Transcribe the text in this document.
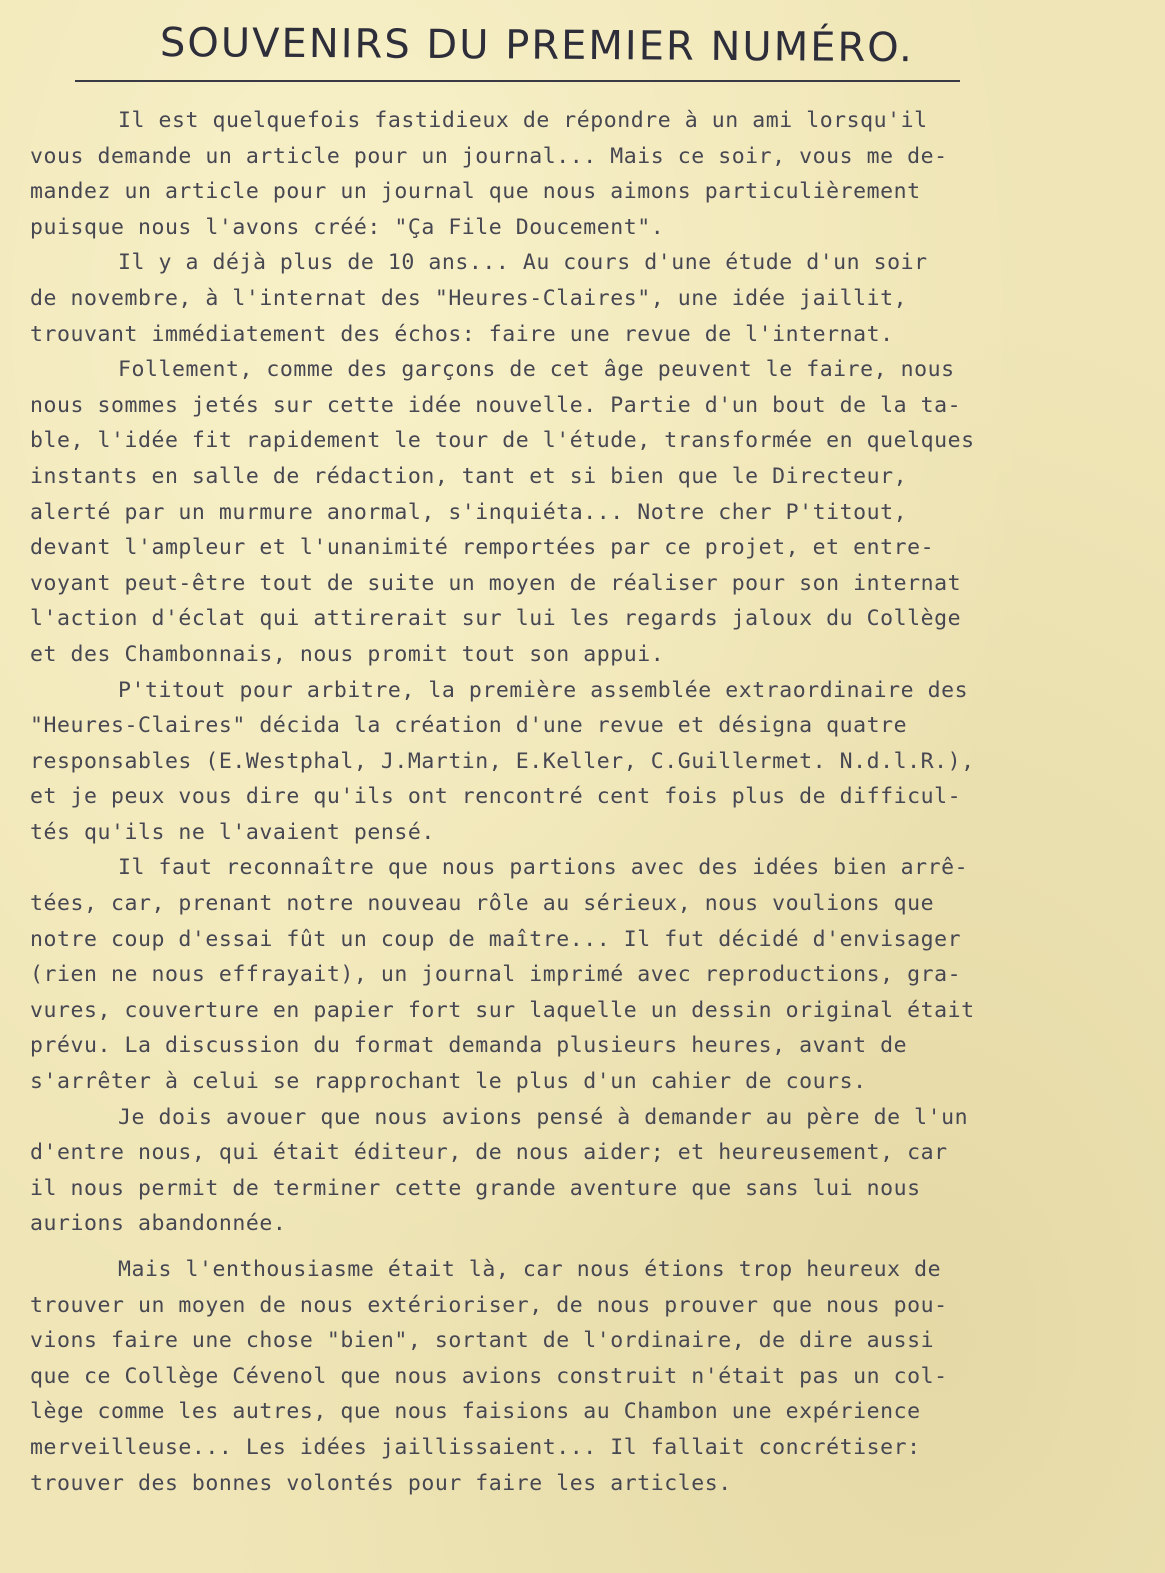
SOUVENIRS DU PREMIER NUMÉRO.
Il est quelquefois fastidieux de répondre à un ami lorsqu'il
vous demande un article pour un journal... Mais ce soir, vous me de-
mandez un article pour un journal que nous aimons particulièrement
puisque nous l'avons créé: "Ça File Doucement".
Il y a déjà plus de 10 ans... Au cours d'une étude d'un soir
de novembre, à l'internat des "Heures-Claires", une idée jaillit,
trouvant immédiatement des échos: faire une revue de l'internat.
Follement, comme des garçons de cet âge peuvent le faire, nous
nous sommes jetés sur cette idée nouvelle. Partie d'un bout de la ta-
ble, l'idée fit rapidement le tour de l'étude, transformée en quelques
instants en salle de rédaction, tant et si bien que le Directeur,
alerté par un murmure anormal, s'inquiéta... Notre cher P'titout,
devant l'ampleur et l'unanimité remportées par ce projet, et entre-
voyant peut-être tout de suite un moyen de réaliser pour son internat
l'action d'éclat qui attirerait sur lui les regards jaloux du Collège
et des Chambonnais, nous promit tout son appui.
P'titout pour arbitre, la première assemblée extraordinaire des
"Heures-Claires" décida la création d'une revue et désigna quatre
responsables (E.Westphal, J.Martin, E.Keller, C.Guillermet. N.d.l.R.),
et je peux vous dire qu'ils ont rencontré cent fois plus de difficul-
tés qu'ils ne l'avaient pensé.
Il faut reconnaître que nous partions avec des idées bien arrê-
tées, car, prenant notre nouveau rôle au sérieux, nous voulions que
notre coup d'essai fût un coup de maître... Il fut décidé d'envisager
(rien ne nous effrayait), un journal imprimé avec reproductions, gra-
vures, couverture en papier fort sur laquelle un dessin original était
prévu. La discussion du format demanda plusieurs heures, avant de
s'arrêter à celui se rapprochant le plus d'un cahier de cours.
Je dois avouer que nous avions pensé à demander au père de l'un
d'entre nous, qui était éditeur, de nous aider; et heureusement, car
il nous permit de terminer cette grande aventure que sans lui nous
aurions abandonnée.
Mais l'enthousiasme était là, car nous étions trop heureux de
trouver un moyen de nous extérioriser, de nous prouver que nous pou-
vions faire une chose "bien", sortant de l'ordinaire, de dire aussi
que ce Collège Cévenol que nous avions construit n'était pas un col-
lège comme les autres, que nous faisions au Chambon une expérience
merveilleuse... Les idées jaillissaient... Il fallait concrétiser:
trouver des bonnes volontés pour faire les articles.
